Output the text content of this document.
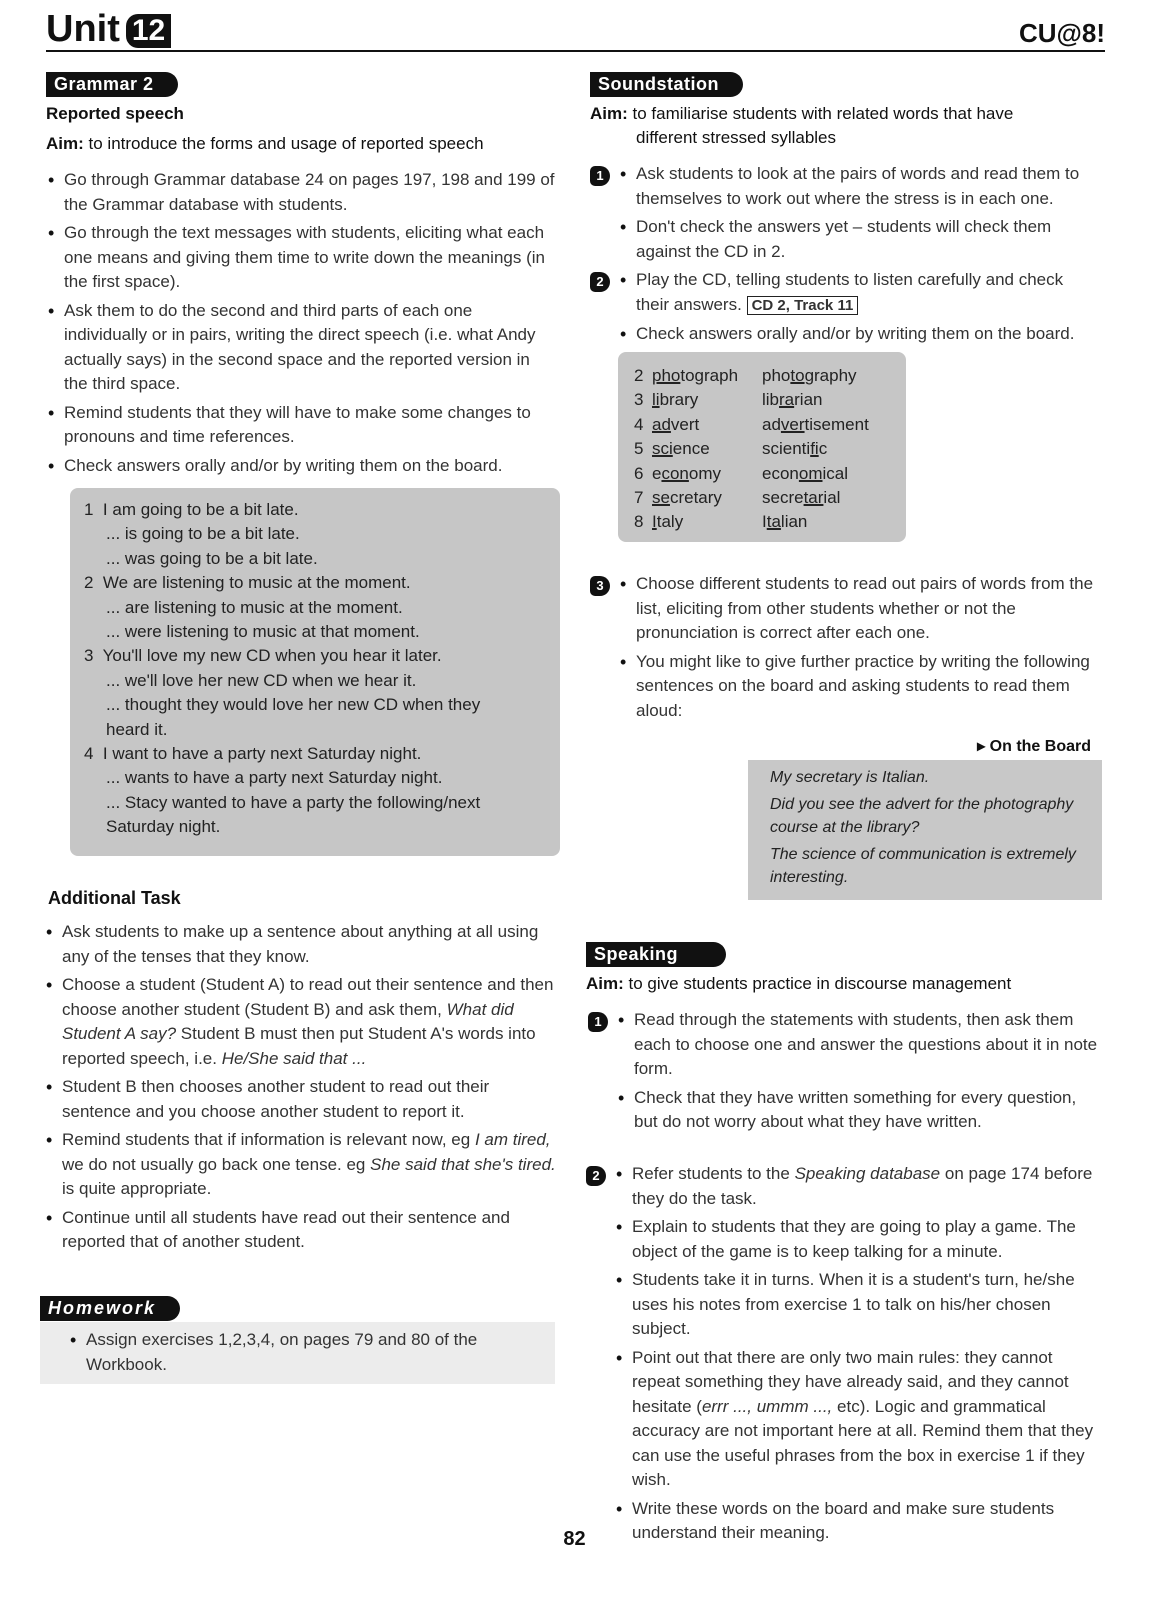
Unit 12	CU@8!
Grammar 2
Reported speech
Aim: to introduce the forms and usage of reported speech
• Go through Grammar database 24 on pages 197, 198 and 199 of the Grammar database with students.
• Go through the text messages with students, eliciting what each one means and giving them time to write down the meanings (in the first space).
• Ask them to do the second and third parts of each one individually or in pairs, writing the direct speech (i.e. what Andy actually says) in the second space and the reported version in the third space.
• Remind students that they will have to make some changes to pronouns and time references.
• Check answers orally and/or by writing them on the board.
1 I am going to be a bit late.
... is going to be a bit late.
... was going to be a bit late.
2 We are listening to music at the moment.
... are listening to music at the moment.
... were listening to music at that moment.
3 You'll love my new CD when you hear it later.
... we'll love her new CD when we hear it.
... thought they would love her new CD when they
heard it.
4 I want to have a party next Saturday night.
... wants to have a party next Saturday night.
... Stacy wanted to have a party the following/next
Saturday night.
Additional Task
• Ask students to make up a sentence about anything at all using any of the tenses that they know.
• Choose a student (Student A) to read out their sentence and then choose another student (Student B) and ask them, What did Student A say? Student B must then put Student A's words into reported speech, i.e. He/She said that ...
• Student B then chooses another student to read out their sentence and you choose another student to report it.
• Remind students that if information is relevant now, eg I am tired, we do not usually go back one tense. eg She said that she's tired. is quite appropriate.
• Continue until all students have read out their sentence and reported that of another student.
Homework
• Assign exercises 1,2,3,4, on pages 79 and 80 of the Workbook.
Soundstation
Aim: to familiarise students with related words that have
different stressed syllables
1	• Ask students to look at the pairs of words and read them to themselves to work out where the stress is in each one.
• Don't check the answers yet – students will check them against the CD in 2.
2	• Play the CD, telling students to listen carefully and check their answers. CD 2, Track 11
• Check answers orally and/or by writing them on the board.
2 photograph photography
3 library	librarian
4 advert	advertisement
5 science	scientific
6 economy economical
7 secretary secretarial
8 Italy	Italian
3	• Choose different students to read out pairs of words from the list, eliciting from other students whether or not the pronunciation is correct after each one.
• You might like to give further practice by writing the following sentences on the board and asking students to read them aloud:
▸ On the Board
My secretary is Italian.
Did you see the advert for the photography course at the library?
The science of communication is extremely interesting.
Speaking
Aim: to give students practice in discourse management
1	• Read through the statements with students, then ask them each to choose one and answer the questions about it in note form.
• Check that they have written something for every question, but do not worry about what they have written.
2	• Refer students to the Speaking database on page 174 before they do the task.
• Explain to students that they are going to play a game. The object of the game is to keep talking for a minute.
• Students take it in turns. When it is a student's turn, he/she uses his notes from exercise 1 to talk on his/her chosen subject.
• Point out that there are only two main rules: they cannot repeat something they have already said, and they cannot hesitate (errr ..., ummm ..., etc). Logic and grammatical accuracy are not important here at all. Remind them that they can use the useful phrases from the box in exercise 1 if they wish.
• Write these words on the board and make sure students understand their meaning.
82
